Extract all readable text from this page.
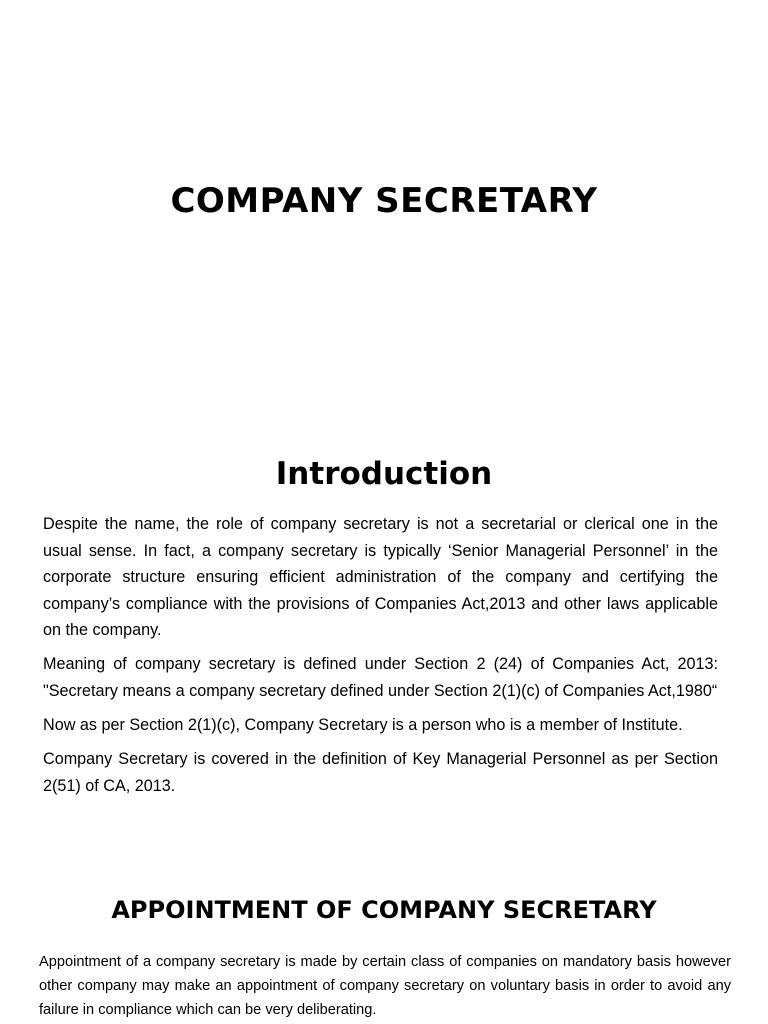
COMPANY SECRETARY
Introduction

Despite the name, the role of company secretary is not a secretarial or clerical one in the usual sense. In fact, a company secretary is typically ‘Senior Managerial Personnel’ in the corporate structure ensuring efficient administration of the company and certifying the company’s compliance with the provisions of Companies Act,2013 and other laws applicable on the company.

Meaning of company secretary is defined under Section 2 (24) of Companies Act, 2013: "Secretary means a company secretary defined under Section 2(1)(c) of Companies Act,1980“

Now as per Section 2(1)(c), Company Secretary is a person who is a member of Institute.

Company Secretary is covered in the definition of Key Managerial Personnel as per Section 2(51) of CA, 2013.

APPOINTMENT OF COMPANY SECRETARY

Appointment of a company secretary is made by certain class of companies on mandatory basis however other company may make an appointment of company secretary on voluntary basis in order to avoid any failure in compliance which can be very deliberating.
